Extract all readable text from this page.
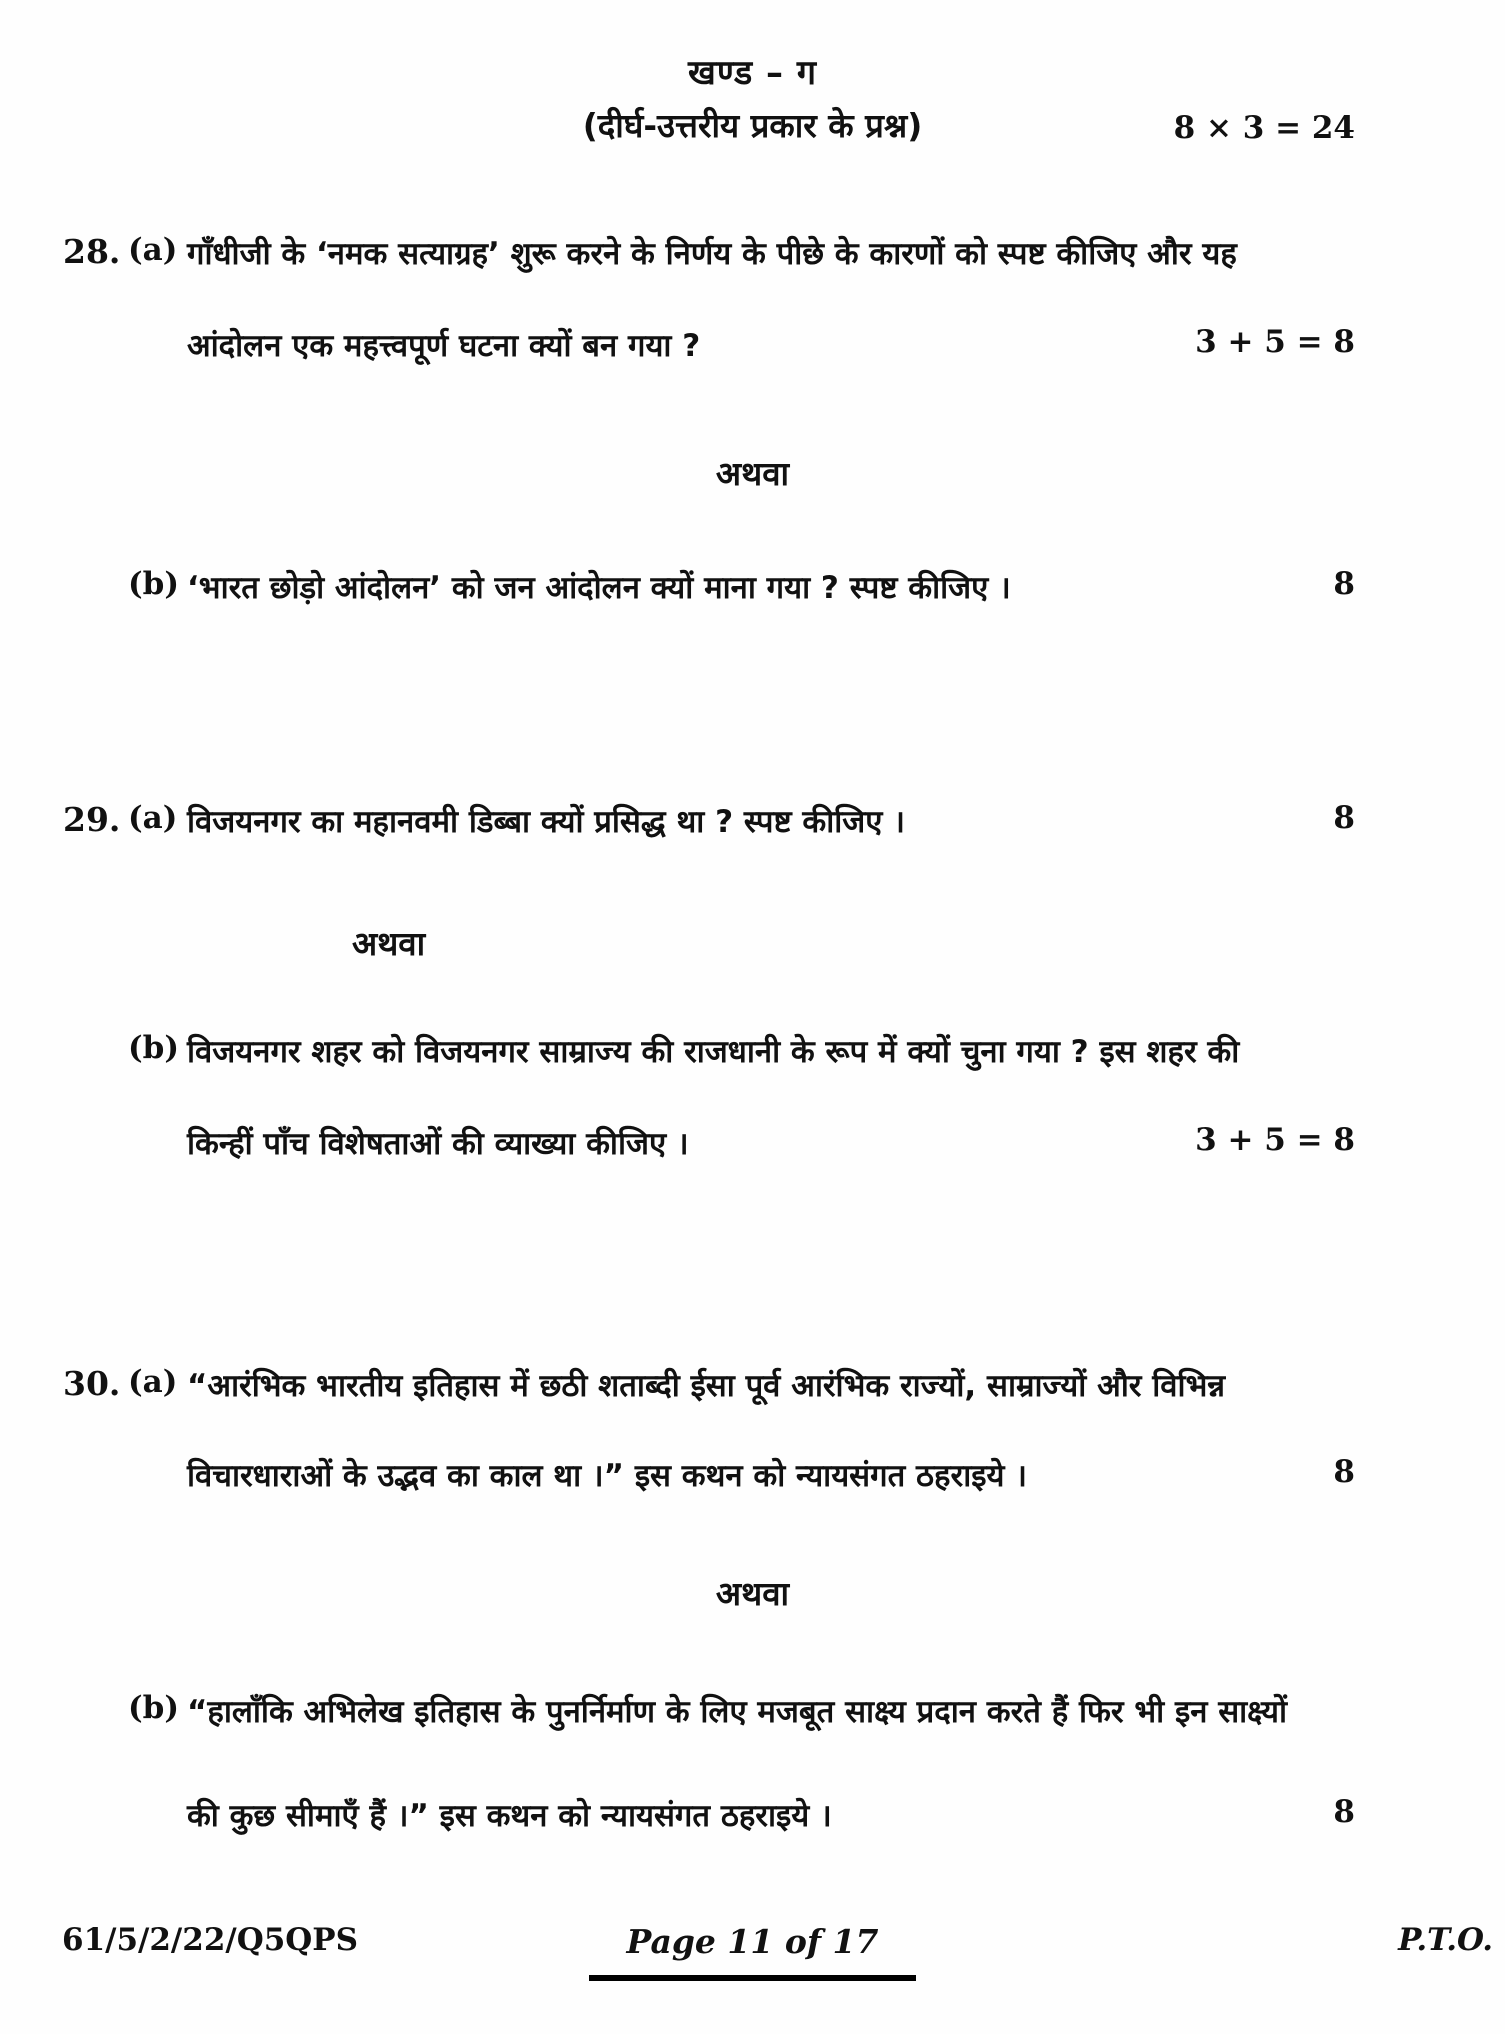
खण्ड – ग
(दीर्घ-उत्तरीय प्रकार के प्रश्न)	8 × 3 = 24
28. (a) गाँधीजी के ‘नमक सत्याग्रह’ शुरू करने के निर्णय के पीछे के कारणों को स्पष्ट कीजिए और यह
आंदोलन एक महत्त्वपूर्ण घटना क्यों बन गया ?	3 + 5 = 8
अथवा
(b) ‘भारत छोड़ो आंदोलन’ को जन आंदोलन क्यों माना गया ? स्पष्ट कीजिए ।	8
29. (a) विजयनगर का महानवमी डिब्बा क्यों प्रसिद्ध था ? स्पष्ट कीजिए ।	8
अथवा
(b) विजयनगर शहर को विजयनगर साम्राज्य की राजधानी के रूप में क्यों चुना गया ? इस शहर की
किन्हीं पाँच विशेषताओं की व्याख्या कीजिए ।	3 + 5 = 8
30. (a) “आरंभिक भारतीय इतिहास में छठी शताब्दी ईसा पूर्व आरंभिक राज्यों, साम्राज्यों और विभिन्न
विचारधाराओं के उद्भव का काल था ।” इस कथन को न्यायसंगत ठहराइये ।	8
अथवा
(b) “हालाँकि अभिलेख इतिहास के पुनर्निर्माण के लिए मजबूत साक्ष्य प्रदान करते हैं फिर भी इन साक्ष्यों
की कुछ सीमाएँ हैं ।” इस कथन को न्यायसंगत ठहराइये ।	8
61/5/2/22/Q5QPS	Page 11 of 17	P.T.O.
